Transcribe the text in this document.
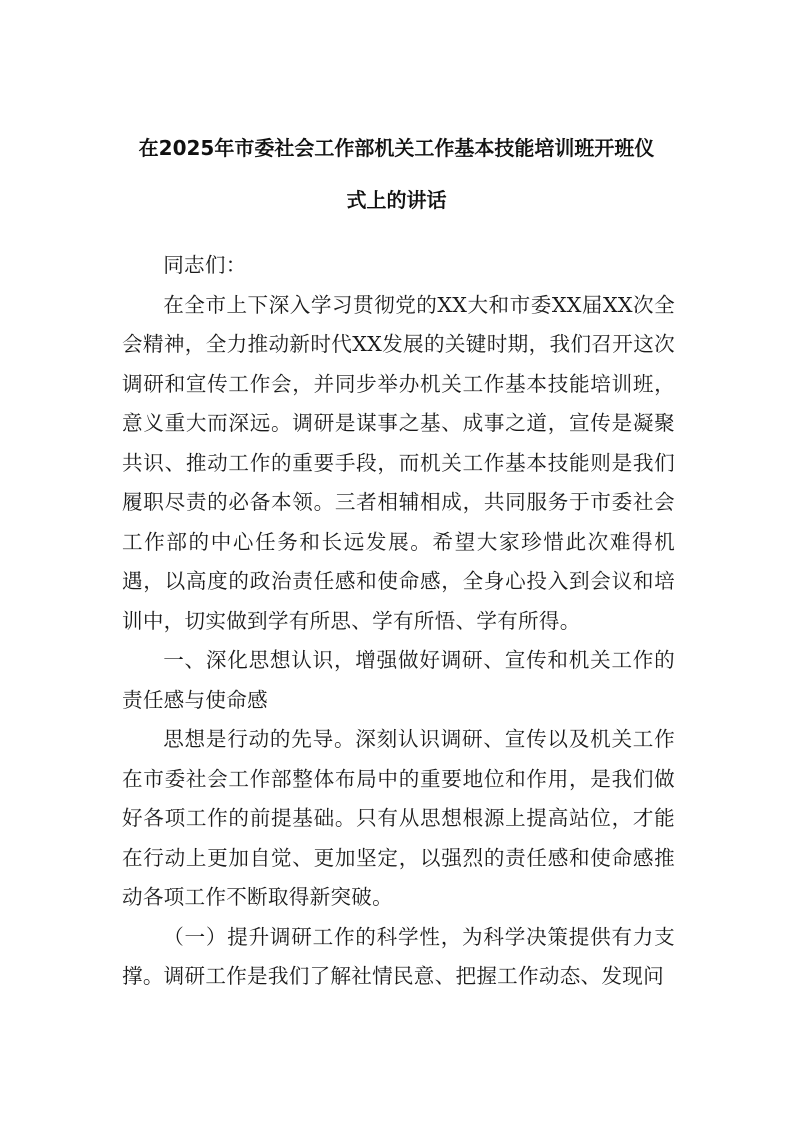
在2025年市委社会工作部机关工作基本技能培训班开班仪
式上的讲话

同志们：

在全市上下深入学习贯彻党的XX大和市委XX届XX次全会精神，全力推动新时代XX发展的关键时期，我们召开这次调研和宣传工作会，并同步举办机关工作基本技能培训班，意义重大而深远。调研是谋事之基、成事之道，宣传是凝聚共识、推动工作的重要手段，而机关工作基本技能则是我们履职尽责的必备本领。三者相辅相成，共同服务于市委社会工作部的中心任务和长远发展。希望大家珍惜此次难得机遇，以高度的政治责任感和使命感，全身心投入到会议和培训中，切实做到学有所思、学有所悟、学有所得。

一、深化思想认识，增强做好调研、宣传和机关工作的责任感与使命感

思想是行动的先导。深刻认识调研、宣传以及机关工作在市委社会工作部整体布局中的重要地位和作用，是我们做好各项工作的前提基础。只有从思想根源上提高站位，才能在行动上更加自觉、更加坚定，以强烈的责任感和使命感推动各项工作不断取得新突破。

（一）提升调研工作的科学性，为科学决策提供有力支撑。调研工作是我们了解社情民意、把握工作动态、发现问
